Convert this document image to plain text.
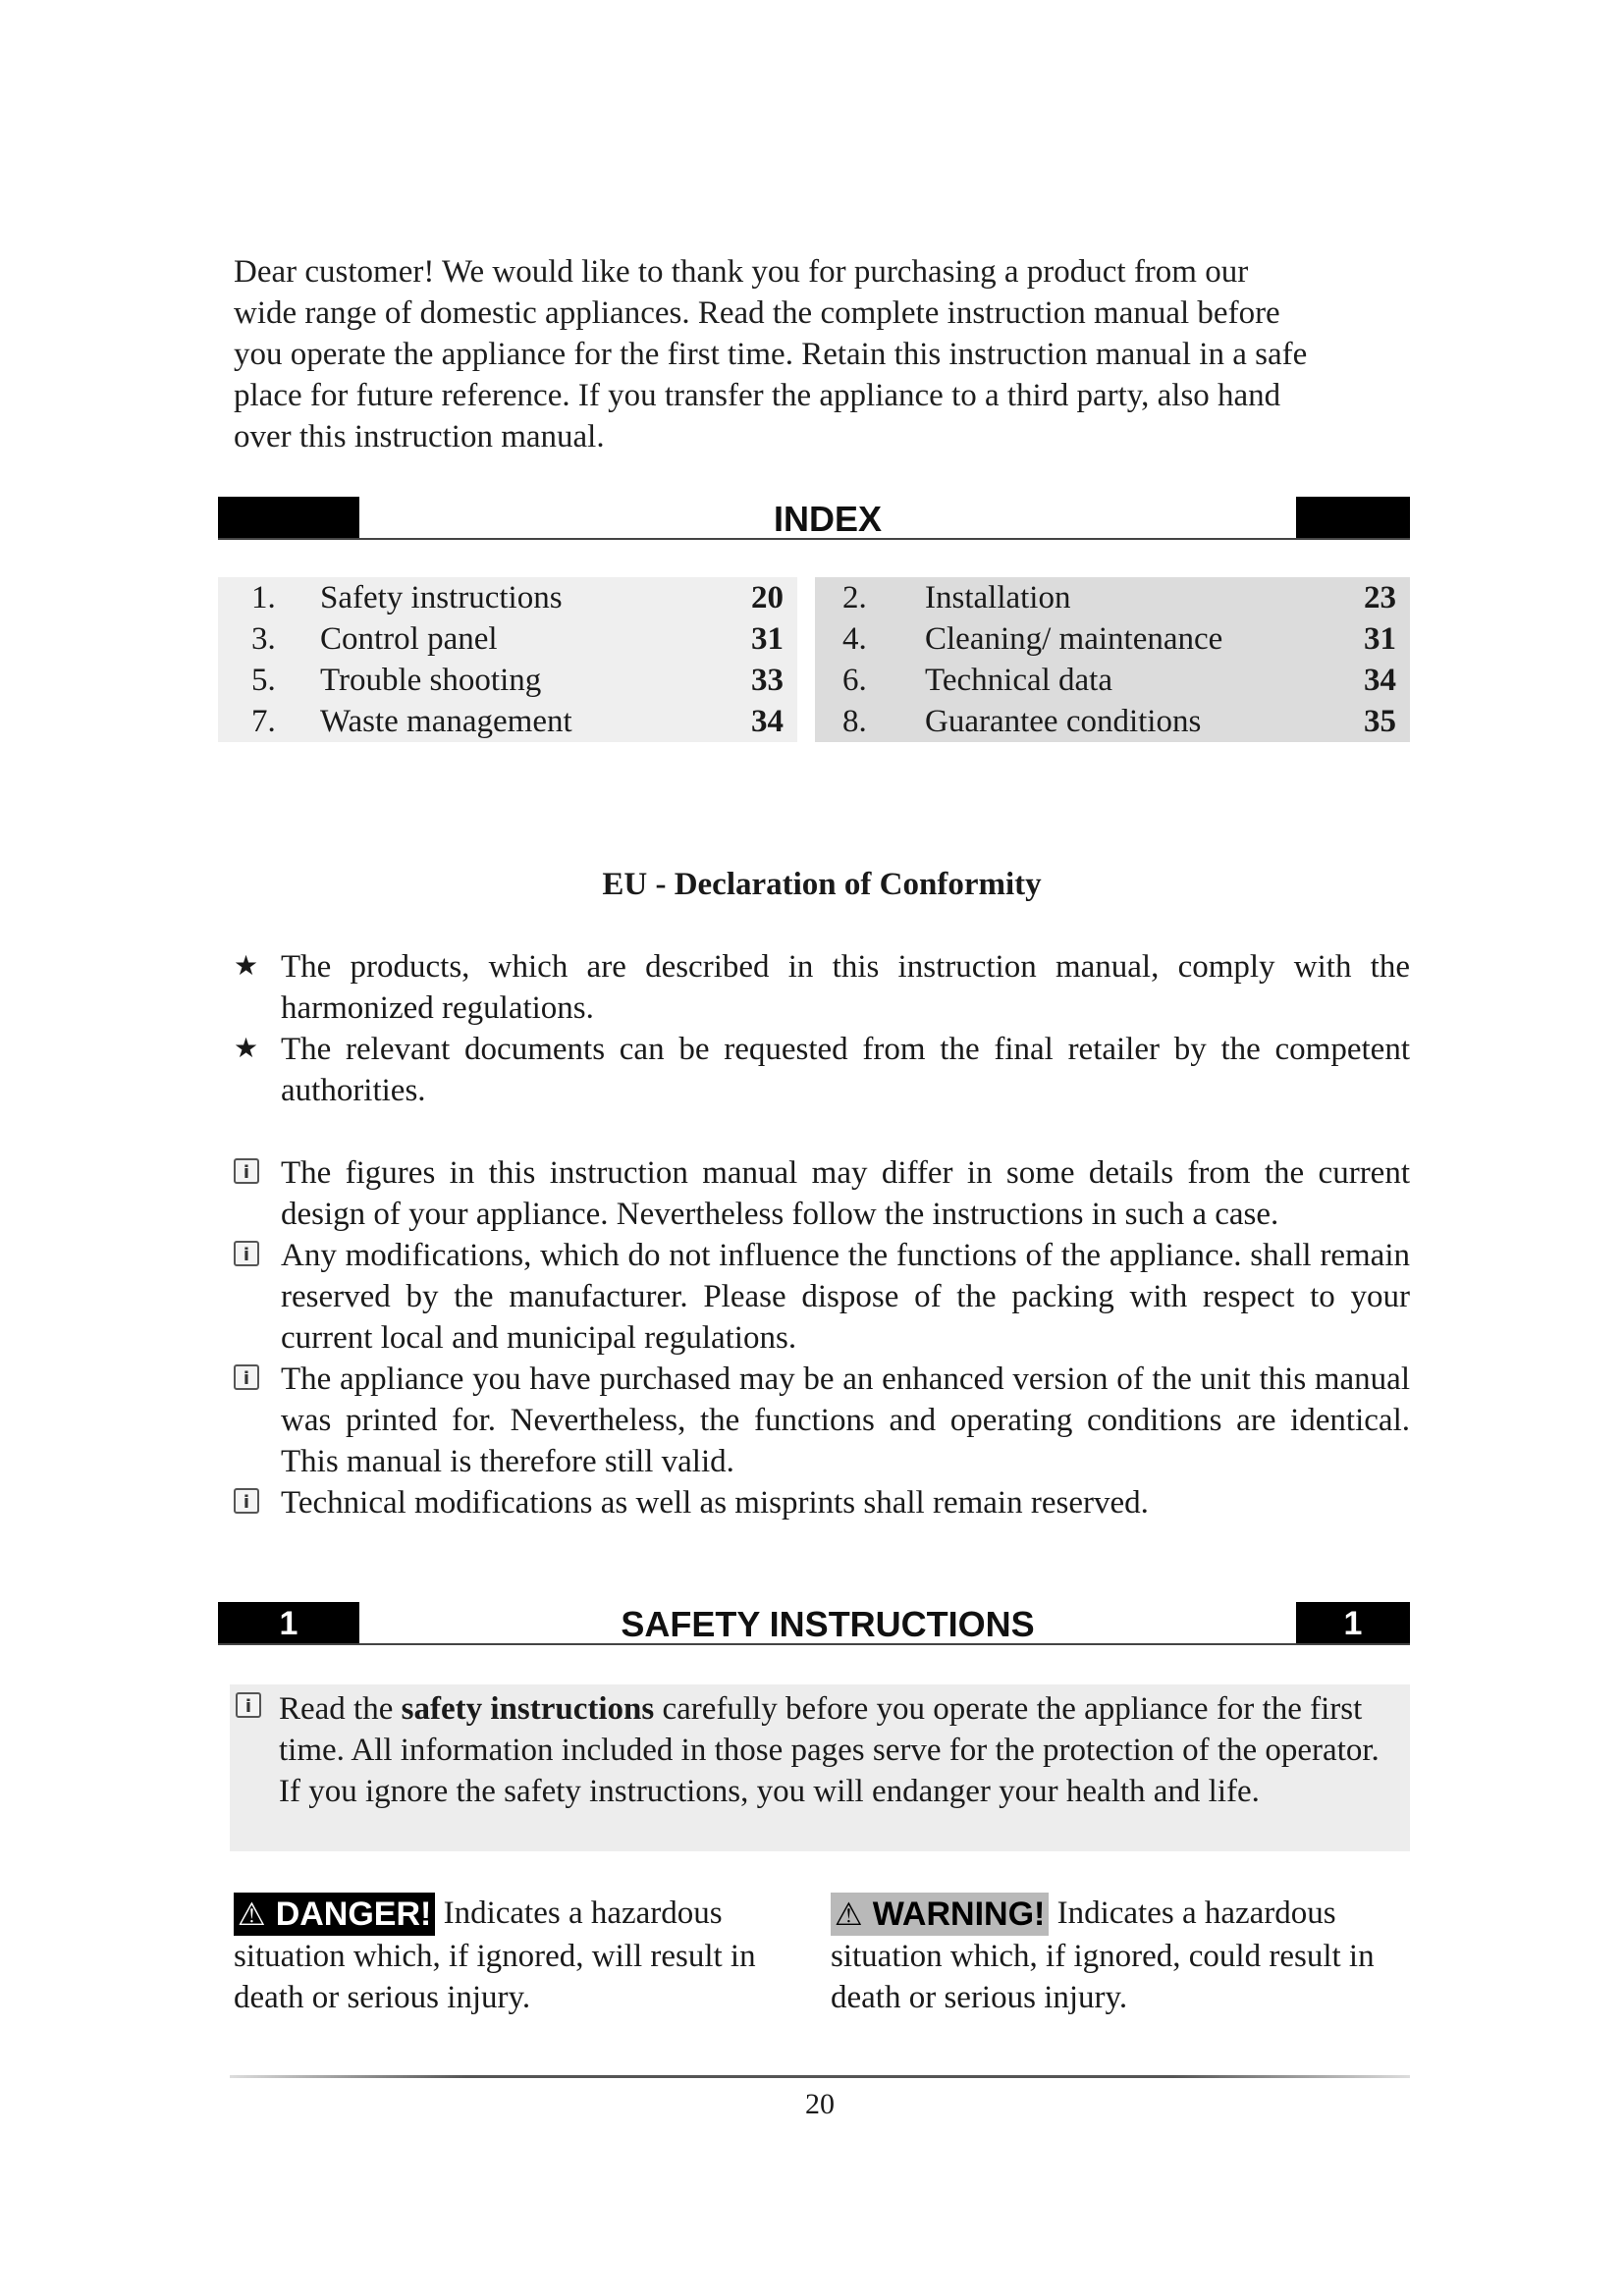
Dear customer! We would like to thank you for purchasing a product from our

wide range of domestic appliances. Read the complete instruction manual before

you operate the appliance for the first time. Retain this instruction manual in a safe

place for future reference. If you transfer the appliance to a third party, also hand

over this instruction manual.

INDEX
1. Safety instructions	20
3. Control panel	31
5. Trouble shooting	33
7. Waste management	34
2. Installation	23
4. Cleaning/ maintenance	31
6. Technical data	34
8. Guarantee conditions	35
EU - Declaration of Conformity

★ The products, which are described in this instruction manual, comply with the harmonized regulations.

★ The relevant documents can be requested from the final retailer by the competent authorities.

i The figures in this instruction manual may differ in some details from the current design of your appliance. Nevertheless follow the instructions in such a case.

i Any modifications, which do not influence the functions of the appliance. shall remain reserved by the manufacturer. Please dispose of the packing with respect to your current local and municipal regulations.

i The appliance you have purchased may be an enhanced version of the unit this manual was printed for. Nevertheless, the functions and operating conditions are identical. This manual is therefore still valid.

i Technical modifications as well as misprints shall remain reserved.

1	SAFETY INSTRUCTIONS	1
i Read the safety instructions carefully before you operate the appliance for the first time. All information included in those pages serve for the protection of the operator. If you ignore the safety instructions, you will endanger your health and life.
⚠ DANGER! Indicates a hazardous situation which, if ignored, will result in death or serious injury.
⚠ WARNING! Indicates a hazardous situation which, if ignored, could result in death or serious injury.
20
